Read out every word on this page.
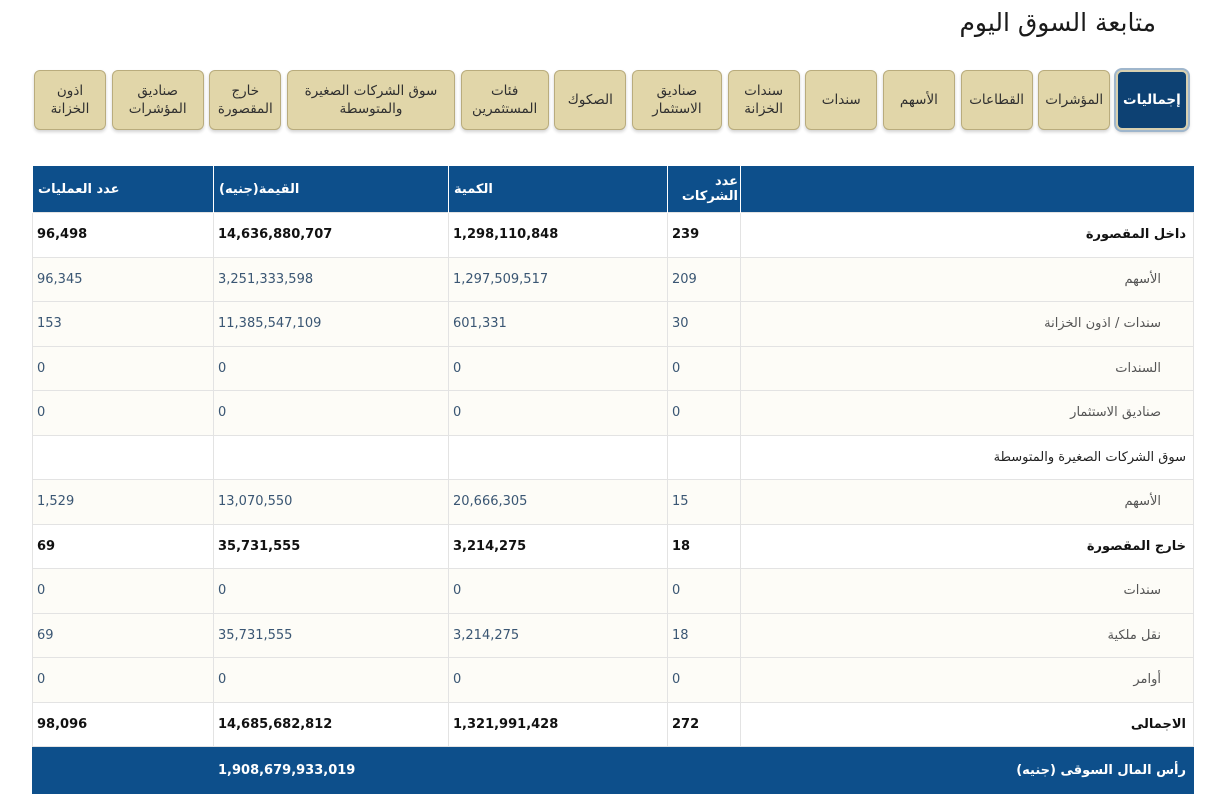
متابعة السوق اليوم
إجماليات
المؤشرات
القطاعات
الأسهم
سندات
سندات
الخزانة
صناديق
الاستثمار
الصكوك
فئات
المستثمرين
سوق الشركات الصغيرة
والمتوسطة
خارج
المقصورة
صناديق
المؤشرات
اذون
الخزانة
	عدد الشركات	الكمية	القيمة(جنيه)	عدد العمليات
داخل المقصورة	239	1,298,110,848	14,636,880,707	96,498
الأسهم	209	1,297,509,517	3,251,333,598	96,345
سندات / اذون الخزانة	30	601,331	11,385,547,109	153
السندات	0	0	0	0
صناديق الاستثمار	0	0	0	0
سوق الشركات الصغيرة والمتوسطة				
الأسهم	15	20,666,305	13,070,550	1,529
خارج المقصورة	18	3,214,275	35,731,555	69
سندات	0	0	0	0
نقل ملكية	18	3,214,275	35,731,555	69
أوامر	0	0	0	0
الاجمالى	272	1,321,991,428	14,685,682,812	98,096
رأس المال السوقى (جنيه)			1,908,679,933,019	
